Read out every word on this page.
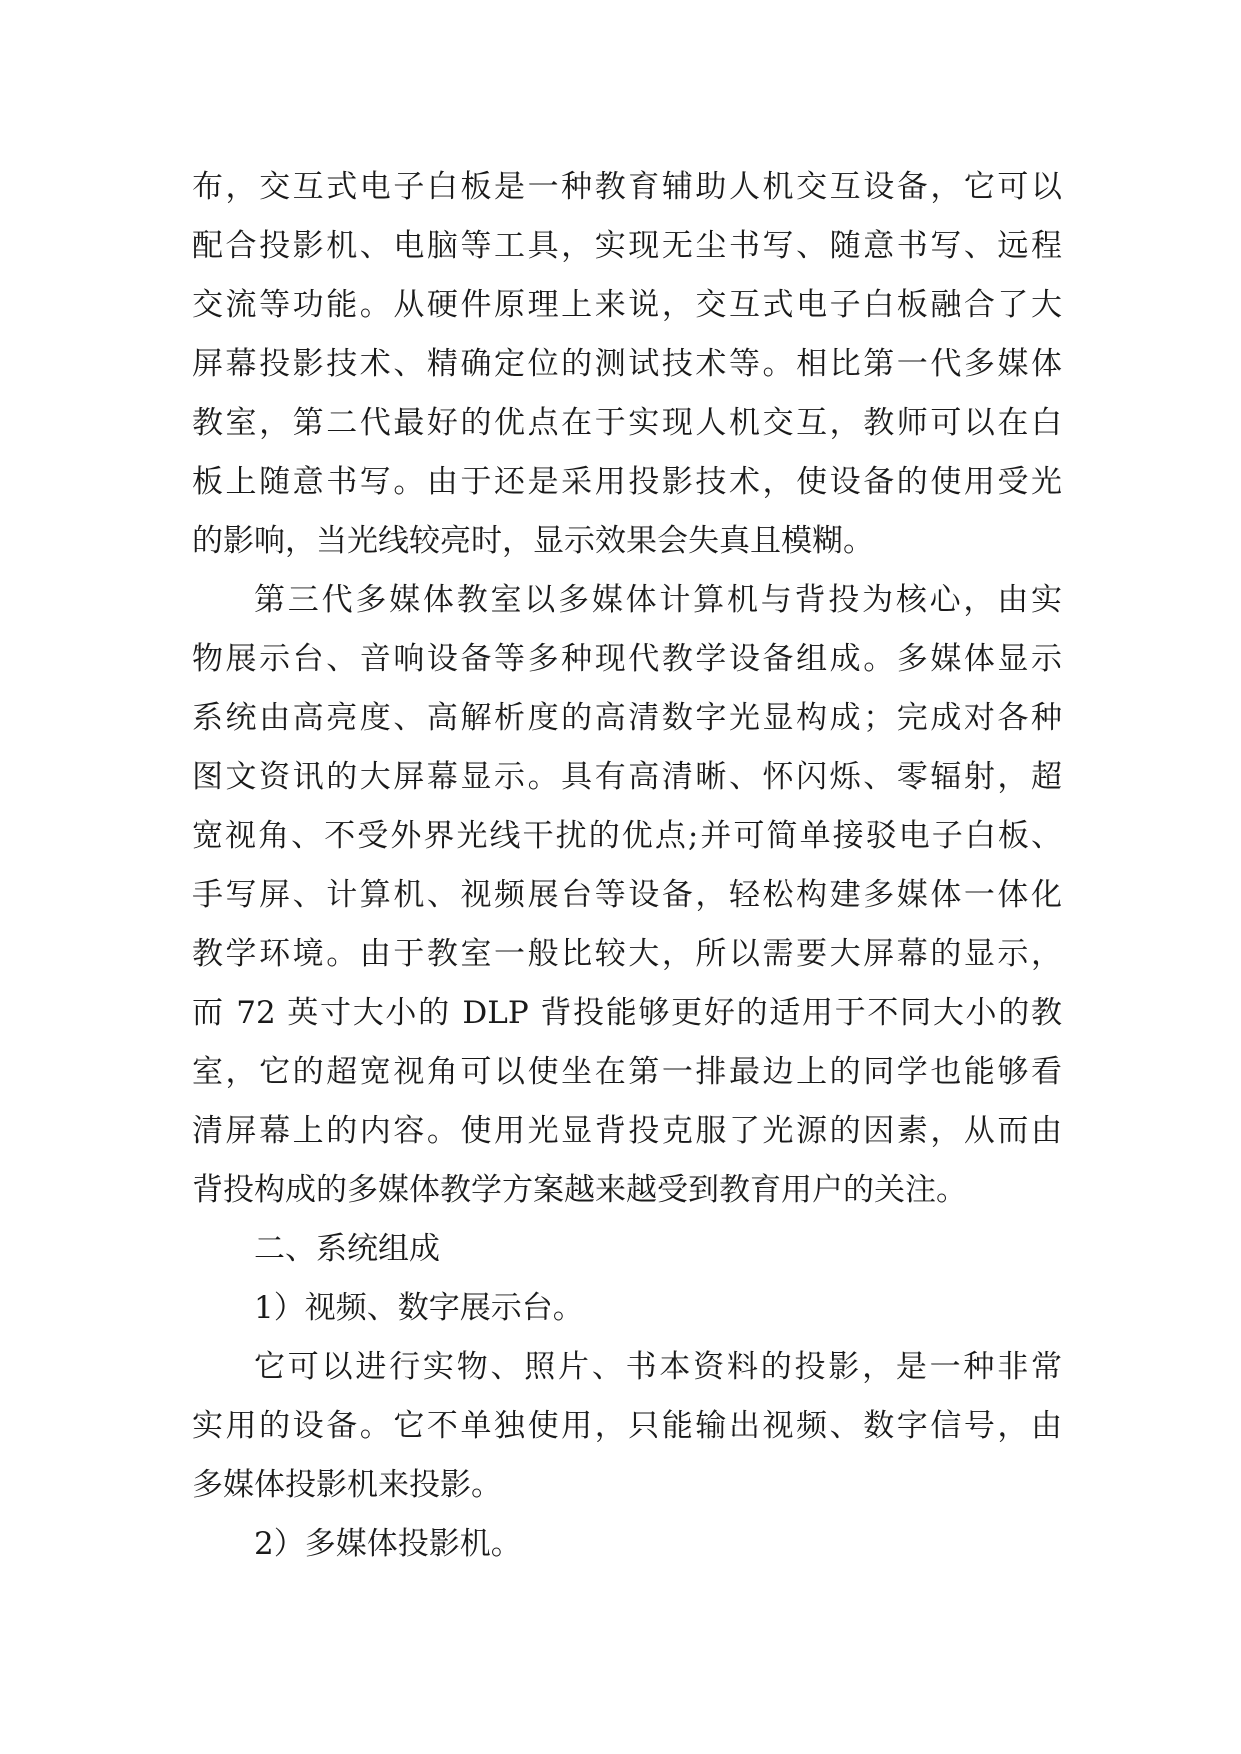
布，交互式电子白板是一种教育辅助人机交互设备，它可以
配合投影机、电脑等工具，实现无尘书写、随意书写、远程
交流等功能。从硬件原理上来说，交互式电子白板融合了大
屏幕投影技术、精确定位的测试技术等。相比第一代多媒体
教室，第二代最好的优点在于实现人机交互，教师可以在白
板上随意书写。由于还是采用投影技术，使设备的使用受光
的影响，当光线较亮时，显示效果会失真且模糊。
第三代多媒体教室以多媒体计算机与背投为核心，由实
物展示台、音响设备等多种现代教学设备组成。多媒体显示
系统由高亮度、高解析度的高清数字光显构成；完成对各种
图文资讯的大屏幕显示。具有高清晰、怀闪烁、零辐射，超
宽视角、不受外界光线干扰的优点;并可简单接驳电子白板、
手写屏、计算机、视频展台等设备，轻松构建多媒体一体化
教学环境。由于教室一般比较大，所以需要大屏幕的显示，
而 72 英寸大小的 DLP 背投能够更好的适用于不同大小的教
室，它的超宽视角可以使坐在第一排最边上的同学也能够看
清屏幕上的内容。使用光显背投克服了光源的因素，从而由
背投构成的多媒体教学方案越来越受到教育用户的关注。
二、系统组成
1）视频、数字展示台。
它可以进行实物、照片、书本资料的投影，是一种非常
实用的设备。它不单独使用，只能输出视频、数字信号，由
多媒体投影机来投影。
2）多媒体投影机。
